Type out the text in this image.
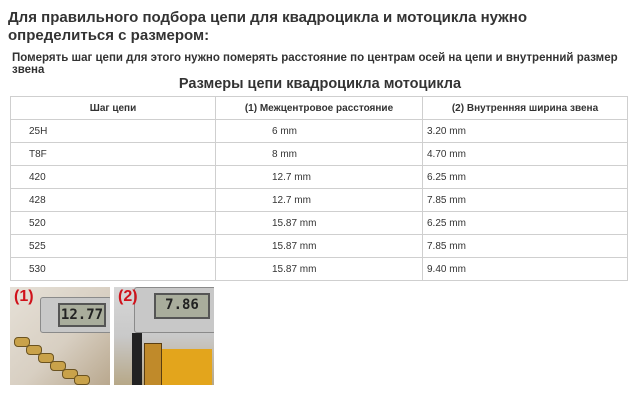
Для правильного подбора цепи для квадроцикла и мотоцикла нужно определиться с размером:
Померять шаг цепи для этого нужно померять расстояние по центрам осей на цепи и внутренний размер звена
Размеры цепи квадроцикла мотоцикла
Шаг цепи	(1) Межцентровое расстояние	(2) Внутренняя ширина звена
25H	6 mm	3.20 mm
T8F	8 mm	4.70 mm
420	12.7 mm	6.25 mm
428	12.7 mm	7.85 mm
520	15.87 mm	6.25 mm
525	15.87 mm	7.85 mm
530	15.87 mm	9.40 mm
12.77
(1)	7.86
(2)
